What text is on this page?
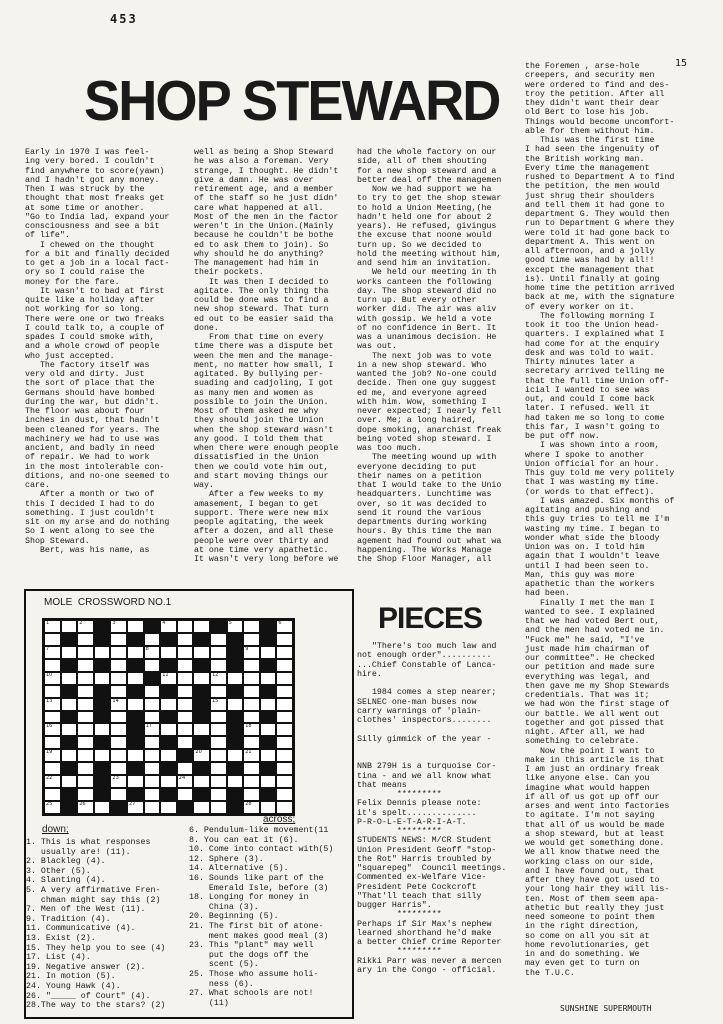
453
15
SHOP STEWARD
Early in 1970 I was feel-
ing very bored. I couldn't
find anywhere to score(yawn)
and I hadn't got any money.
Then I was struck by the
thought that most freaks get
at some time or another.
"Go to India lad, expand your
consciousness and see a bit
of life".
I chewed on the thought
for a bit and finally decided
to get a job in a local fact-
ory so I could raise the
money for the fare.
It wasn't to bad at first
quite like a holiday after
not working for so long.
There were one or two freaks
I could talk to, a couple of
spades I could smoke with,
and a whole crowd of people
who just accepted.
The factory itself was
very old and dirty. Just
the sort of place that the
Germans should have bombed
during the war, but didn't.
The floor was about four
inches in dust, that hadn't
been cleaned for years. The
machinery we had to use was
ancient, and badly in need
of repair. We had to work
in the most intolerable con-
ditions, and no-one seemed to
care.
After a month or two of
this I decided I had to do
something. I just couldn't
sit on my arse and do nothing
So I went along to see the
Shop Steward.
Bert, was his name, as
well as being a Shop Steward
he was also a foreman. Very
strange, I thought. He didn't
give a damn. He was over
retirement age, and a member
of the staff so he just didn'
care what happened at all.
Most of the men in the factor
weren't in the Union.(Mainly
because he couldn't be bothe
ed to ask them to join). So
why should he do anything?
The management had him in
their pockets.
It was then I decided to
agitate. The only thing tha
could be done was to find a
new shop steward. That turn
ed out to be easier said tha
done.
From that time on every
time there was a dispute bet
ween the men and the manage-
ment, no matter how small, I
agitated. By bullying per-
suading and cadjoling, I got
as many men and women as
possible to join the Union.
Most of them asked me why
they should join the Union
when the shop steward wasn't
any good. I told them that
when there were enough people
dissatisfied in the Union
then we could vote him out,
and start moving things our
way.
After a few weeks to my
amasement, I began to get
support. There were new mix
people agitating, the week
after a dozen, and all these
people were over thirty and
at one time very apathetic.
It wasn't very long before we
had the whole factory on our
side, all of them shouting
for a new shop steward and a
better deal off the managemen
Now we had support we ha
to try to get the shop stewar
to hold a Union Meeting,(he
hadn't held one for about 2
years). He refused, givingus
the excuse that noone would
turn up. So we decided to
hold the meeting without him,
and send him an invitation.
We held our meeting in th
works canteen the following
day. The shop steward did no
turn up. But every other
worker did. The air was aliv
with gossip. We held a vote
of no confidence in Bert. It
was a unanimous decision. He
was out.
The next job was to vote
in a new shop steward. Who
wanted the job? No-one could
decide. Then one guy suggest
ed me, and everyone agreed
with him. Wow, something I
never expected; I nearly fell
over. Me; a long haired,
dope smoking, anarchist freak
being voted shop steward. I
was too much.
The meeting wound up with
everyone deciding to put
their names on a petition
that I would take to the Unio
headquarters. Lunchtime was
over, so it was decided to
send it round the various
departments during working
hours. By this time the man
agement had found out what wa
happening. The Works Manage
the Shop Floor Manager, all
the Foremen , arse-hole
creepers, and security men
were ordered to find and des-
troy the petition. After all
they didn't want their dear
old Bert to lose his job.
Things would become uncomfort-
able for them without him.
This was the first time
I had seen the ingenuity of
the British working man.
Every time the management
rushed to Department A to find
the petition, the men would
just shrug their shoulders
and tell them it had gone to
department G. They would then
run to Department G where they
were told it had gone back to
department A. This went on
all afternoon, and a jolly
good time was had by all!!
except the management that
is). Until finally at going
home time the petition arrived
back at me, with the signature
of every worker on it.
The following morning I
took it too the Union head-
quarters. I explained what I
had come for at the enquiry
desk and was told to wait.
Thirty minutes later a
secretary arrived telling me
that the full time Union off-
icial I wanted to see was
out, and could I come back
later. I refused. Well it
had taken me so long to come
this far, I wasn't going to
be put off now.
I was shown into a room,
where I spoke to another
Union official for an hour.
This guy told me very politely
that I was wasting my time.
(or words to that effect).
I was amazed. Six months of
agitating and pushing and
this guy tries to tell me I'm
wasting my time. I began to
wonder what side the bloody
Union was on. I told him
again that I wouldn't leave
until I had been seen to.
Man, this guy was more
apathetic than the workers
had been.
Finally I met the man I
wanted to see. I explained
that we had voted Bert out,
and the men had voted me in.
"Fuck me" he said, "I've
just made him chairman of
our committee". He checked
our petition and made sure
everything was legal, and
then gave me my Shop Stewards
credentials. That was it;
we had won the first stage of
our battle. We all went out
together and got pissed that
night. After all, we had
something to celebrate.
Now the point I want to
make in this article is that
I am just an ordinary freak
like anyone else. Can you
imagine what would happen
if all of us got up off our
arses and went into factories
to agitate. I'm not saying
that all of us would be made
a shop steward, but at least
we would get something done.
We all know thatwe need the
working class on our side,
and I have found out, that
after they have got used to
your long hair they will lis-
ten. Most of them seem apa-
athetic but really they just
need someone to point them
in the right direction,
so come on all you sit at
home revolutionaries, get
in and do something. We
may even get to turn on
the T.U.C.
SUNSHINE SUPERMOUTH
MOLE  CROSSWORD NO.1
1	2	3	4	5	6
7	8	9
10	11	12
13	14	15
16	17	18
19	20	21
22	23	24
25	26	27	28
down;
across;
1. This is what responses
usually are! (11).
2. Blackleg (4).
3. Other (5).
4. Slanting (4).
5. A very affirmative Fren-
chman might say this (2)
7. Men of the West (11).
9. Tradition (4).
11. Communicative (4).
13. Exist (2).
15. They help you to see (4)
17. List (4).
19. Negative answer (2).
21. In motion (5).
24. Young Hawk (4).
26. "_____ of Court" (4).
28.The way to the stars? (2)
6. Pendulum-like movement(11
8. You can eat it (6).
10. Come into contact with(5)
12. Sphere (3).
14. Alternative (5).
16. Sounds like part of the
Emerald Isle, before (3)
18. Longing for money in
China (3).
20. Beginning (5).
21. The first bit of atone-
ment makes good meal (3)
23. This "plant" may well
put the dogs off the
scent (5).
25. Those who assume holi-
ness (6).
27. What schools are not!
(11)
PIECES
"There's too much law and
not enough order"..........
...Chief Constable of Lanca-
hire.

1984 comes a step nearer;
SELNEC one-man buses now
carry warnings of 'plain-
clothes' inspectors........

Silly gimmick of the year -

NNB 279H is a turquoise Cor-
tina - and we all know what
that means
*********
Felix Dennis please note:
it's spelt..............
P-R-O-L-E-T-A-R-I-A-T.
*********
STUDENTS NEWS: M/CR Student
Union President Geoff "stop-
the Rot" Harris troubled by
"squarepeg"  Council meetings.
Commented ex-Welfare Vice-
President Pete Cockcroft
"That'll teach that silly
bugger Harris".
*********
Perhaps if Sir Max's nephew
learned shorthand he'd make
a better Chief Crime Reporter
*********
Rikki Parr was never a mercen
ary in the Congo - official.
